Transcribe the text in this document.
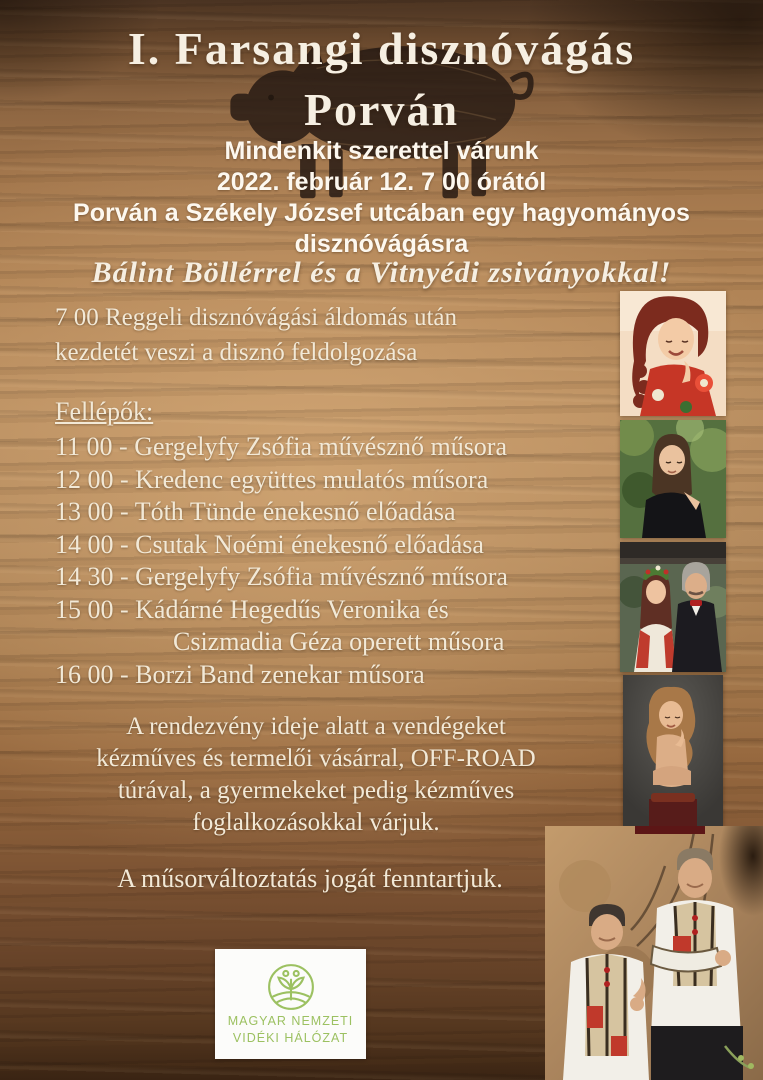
I. Farsangi disznóvágás
Porván
Mindenkit szerettel várunk
2022. február 12. 7 00 órától
Porván a Székely József utcában egy hagyományos
disznóvágásra
Bálint Böllérrel és a Vitnyédi zsiványokkal!
7 00 Reggeli disznóvágási áldomás után
kezdetét veszi a disznó feldolgozása
Fellépők:
11 00 - Gergelyfy Zsófia művésznő műsora
12 00 - Kredenc együttes mulatós műsora
13 00 - Tóth Tünde énekesnő előadása
14 00 - Csutak Noémi énekesnő előadása
14 30 - Gergelyfy Zsófia művésznő műsora
15 00 - Kádárné Hegedűs Veronika és
Csizmadia Géza operett műsora
16 00 - Borzi Band zenekar műsora
A rendezvény ideje alatt a vendégeket
kézműves és termelői vásárral, OFF-ROAD
túrával, a gyermekeket pedig kézműves
foglalkozásokkal várjuk.
A műsorváltoztatás jogát fenntartjuk.
MAGYAR NEMZETI
VIDÉKI HÁLÓZAT
